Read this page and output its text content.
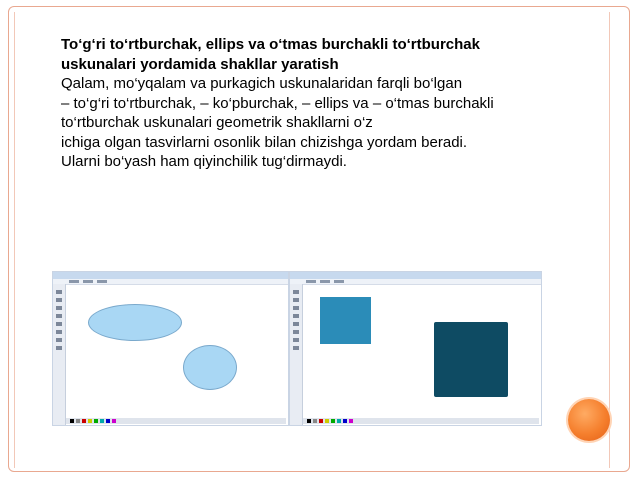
To‘g‘ri to‘rtburchak, ellips va o‘tmas burchakli to‘rtburchak

uskunalari yordamida shakllar yaratish

Qalam, mo‘yqalam va purkagich uskunalaridan farqli bo‘lgan

– to‘g‘ri to‘rtburchak, – ko‘pburchak, – ellips va – o‘tmas burchakli to‘rtburchak uskunalari geometrik shakllarni o‘z

ichiga olgan tasvirlarni osonlik bilan chizishga yordam beradi.

Ularni bo‘yash ham qiyinchilik tug‘dirmaydi.
